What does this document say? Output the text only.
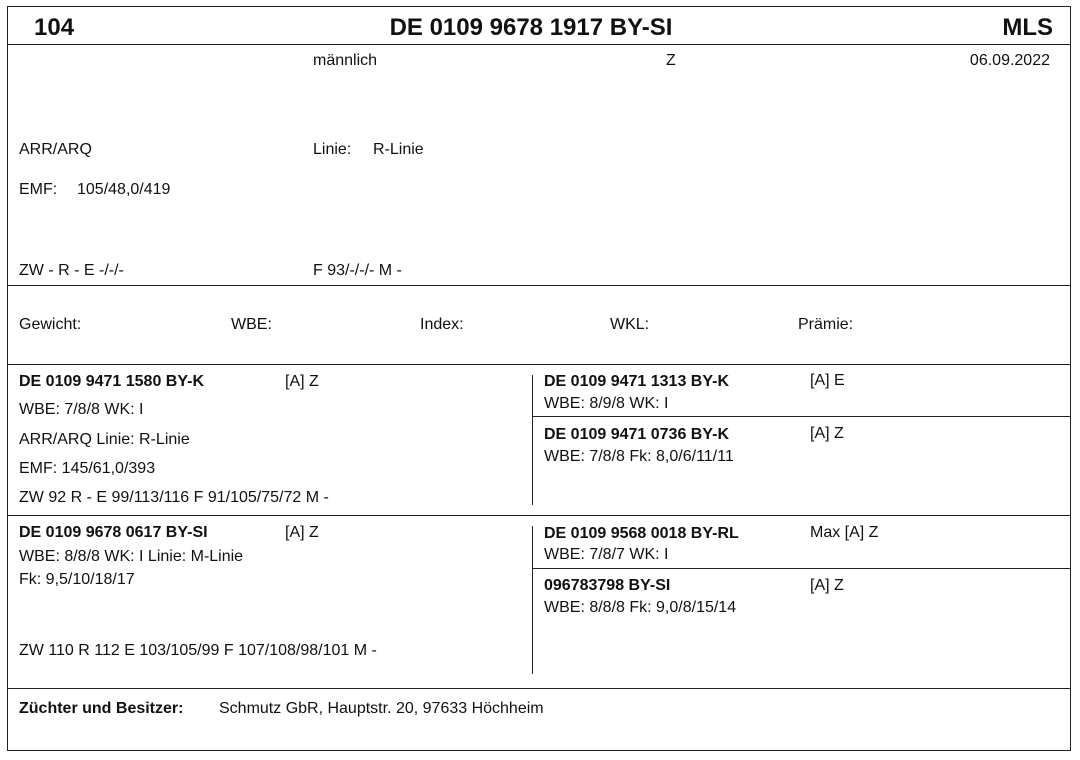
104	DE 0109 9678 1917 BY-SI	MLS
männlich	Z	06.09.2022
ARR/ARQ	Linie: R-Linie
EMF: 105/48,0/419
ZW - R - E -/-/-	F 93/-/-/- M -
Gewicht:	WBE:	Index:	WKL:	Prämie:
DE 0109 9471 1580 BY-K	[A] Z
WBE: 7/8/8 WK: I
ARR/ARQ Linie: R-Linie
EMF: 145/61,0/393
ZW 92 R - E 99/113/116 F 91/105/75/72 M -
DE 0109 9471 1313 BY-K	[A] E
WBE: 8/9/8 WK: I
DE 0109 9471 0736 BY-K	[A] Z
WBE: 7/8/8 Fk: 8,0/6/11/11
DE 0109 9678 0617 BY-SI	[A] Z
WBE: 8/8/8 WK: I Linie: M-Linie
Fk: 9,5/10/18/17
ZW 110 R 112 E 103/105/99 F 107/108/98/101 M -
DE 0109 9568 0018 BY-RL	Max [A] Z
WBE: 7/8/7 WK: I
096783798 BY-SI	[A] Z
WBE: 8/8/8 Fk: 9,0/8/15/14
Züchter und Besitzer: Schmutz GbR, Hauptstr. 20, 97633 Höchheim
